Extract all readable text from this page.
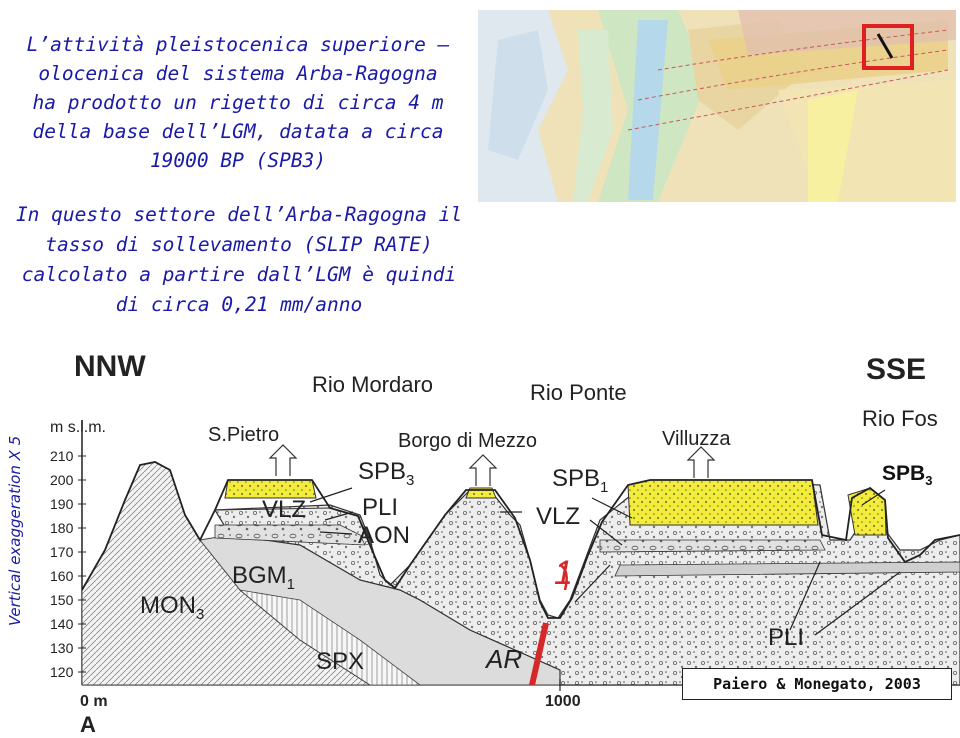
L’attività pleistocenica superiore –

olocenica del sistema Arba-Ragogna

ha prodotto un rigetto di circa 4 m

della base dell’LGM, datata a circa

19000 BP (SPB3)

In questo settore dell’Arba-Ragogna il

tasso di sollevamento (SLIP RATE)

calcolato a partire dall’LGM è quindi

di circa 0,21 mm/anno

NNW	SSE
m s.l.m.
210
200
190
180
170
160
150
140
130
120
0 m	1000
A
Rio Mordaro	Rio Ponte
Rio Fos
S.Pietro	Borgo di Mezzo	Villuzza
$SPB_3$	$SPB_1$
$SPB_3$
VLZ PLI	VLZ
AON
$BGM_1$
$MON_3$
SPX	AR
1
PLI
Vertical exaggeration X 5
Paiero & Monegato, 2003
